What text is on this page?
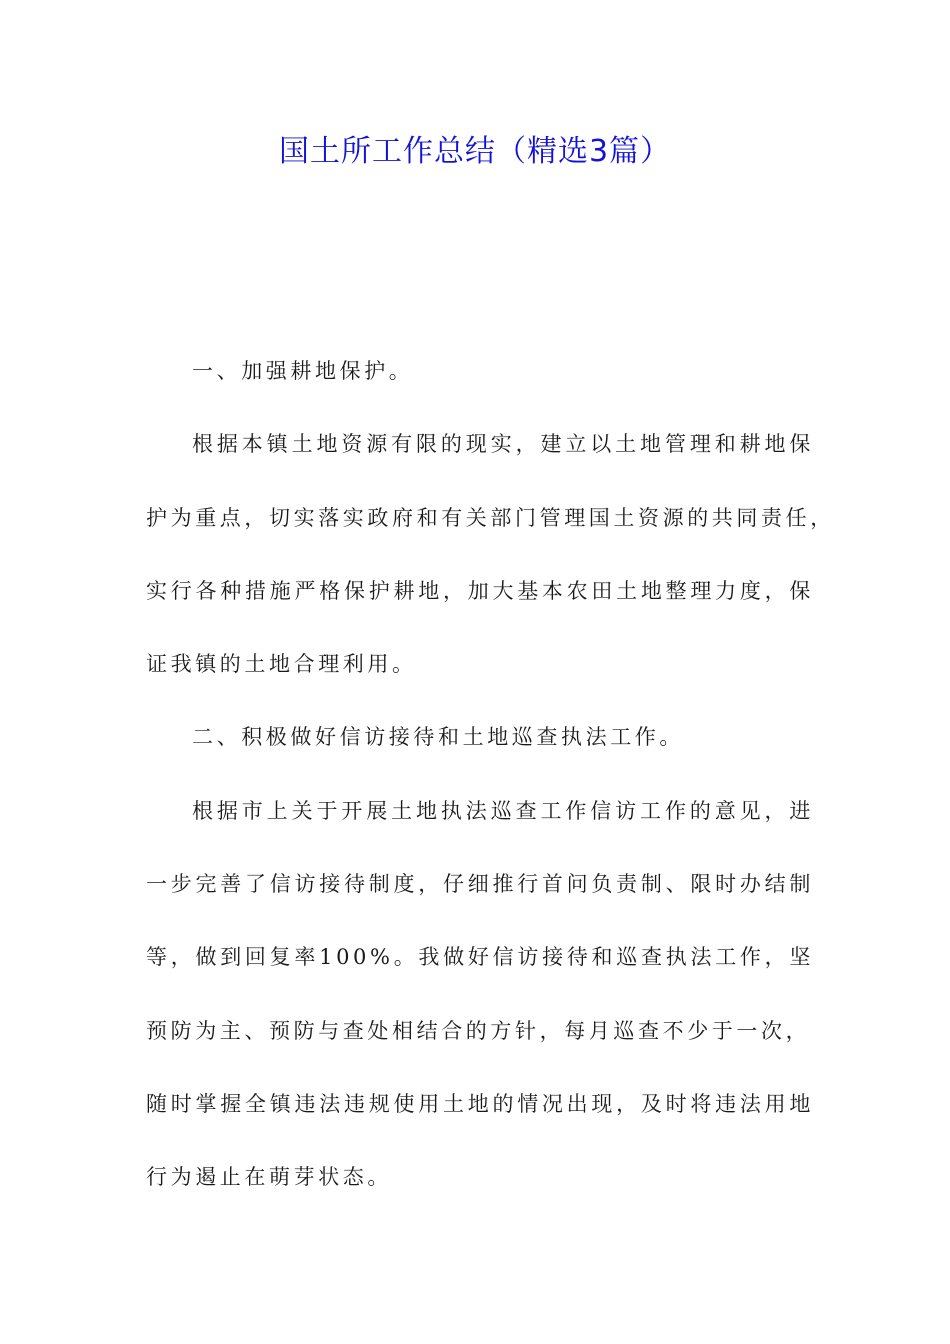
国土所工作总结（精选3篇）
一、加强耕地保护。
根据本镇土地资源有限的现实，建立以土地管理和耕地保
护为重点，切实落实政府和有关部门管理国土资源的共同责任，
实行各种措施严格保护耕地，加大基本农田土地整理力度，保
证我镇的土地合理利用。
二、积极做好信访接待和土地巡查执法工作。
根据市上关于开展土地执法巡查工作信访工作的意见，进
一步完善了信访接待制度，仔细推行首问负责制、限时办结制
等，做到回复率100%。我做好信访接待和巡查执法工作，坚
预防为主、预防与查处相结合的方针，每月巡查不少于一次，
随时掌握全镇违法违规使用土地的情况出现，及时将违法用地
行为遏止在萌芽状态。
